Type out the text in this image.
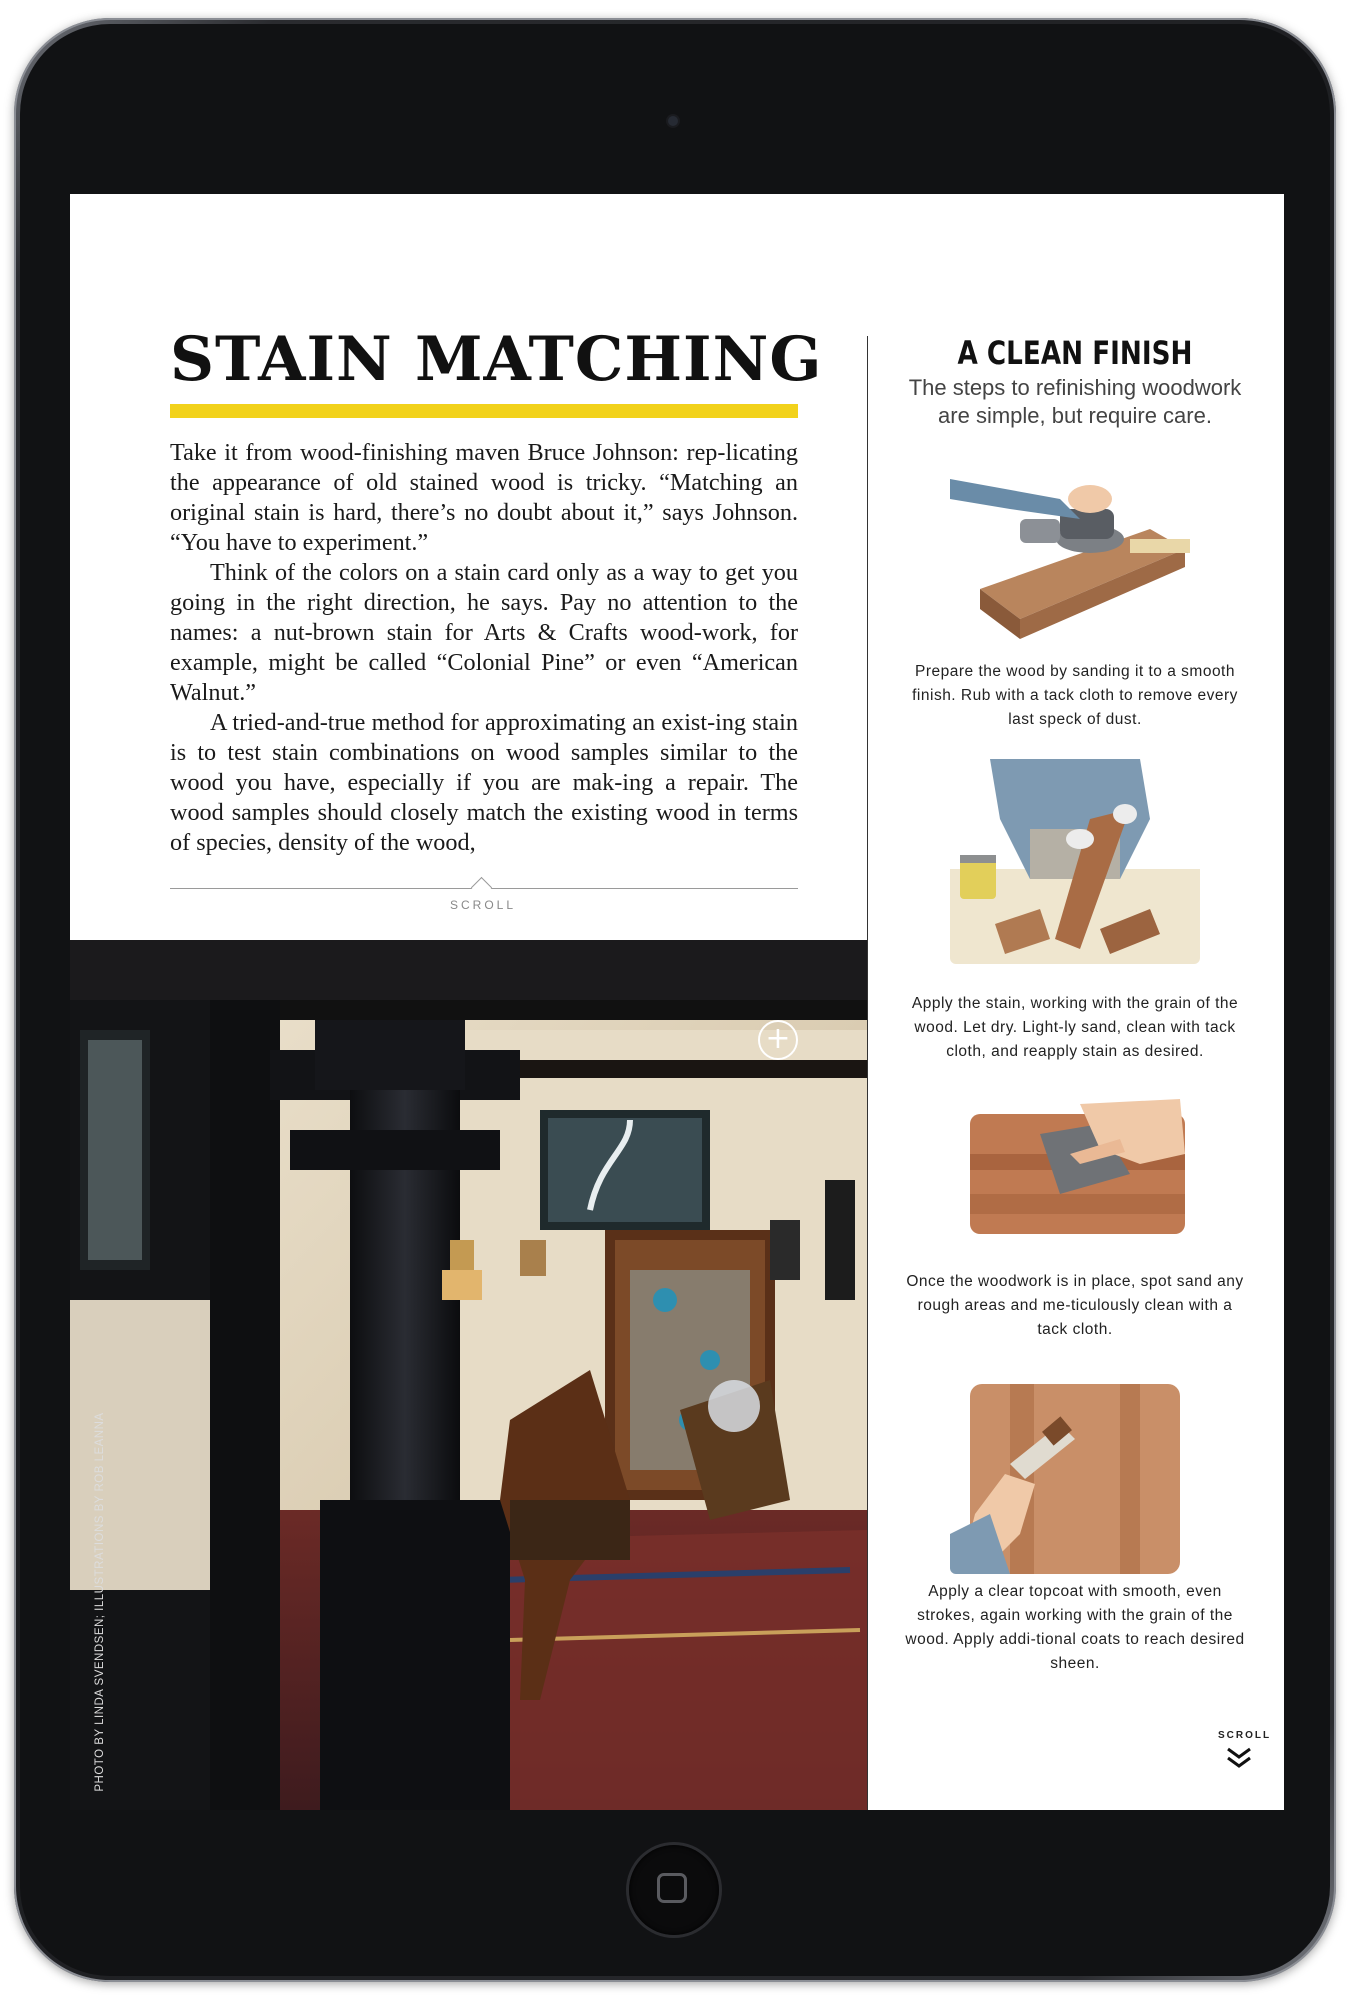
STAIN MATCHING

Take it from wood-finishing maven Bruce Johnson: rep-licating the appearance of old stained wood is tricky. “Matching an original stain is hard, there’s no doubt about it,” says Johnson. “You have to experiment.”

Think of the colors on a stain card only as a way to get you going in the right direction, he says. Pay no attention to the names: a nut-brown stain for Arts & Crafts wood-work, for example, might be called “Colonial Pine” or even “American Walnut.”

A tried-and-true method for approximating an exist-ing stain is to test stain combinations on wood samples similar to the wood you have, especially if you are mak-ing a repair. The wood samples should closely match the existing wood in terms of species, density of the wood,

SCROLL
+
PHOTO BY LINDA SVENDSEN; ILLUSTRATIONS BY ROB LEANNA
A CLEAN FINISH
The steps to refinishing woodwork are simple, but require care.
Prepare the wood by sanding it to a smooth finish. Rub with a tack cloth to remove every last speck of dust.
Apply the stain, working with the grain of the wood. Let dry. Light-ly sand, clean with tack cloth, and reapply stain as desired.
Once the woodwork is in place, spot sand any rough areas and me-ticulously clean with a tack cloth.
Apply a clear topcoat with smooth, even strokes, again working with the grain of the wood. Apply addi-tional coats to reach desired sheen.
SCROLL
